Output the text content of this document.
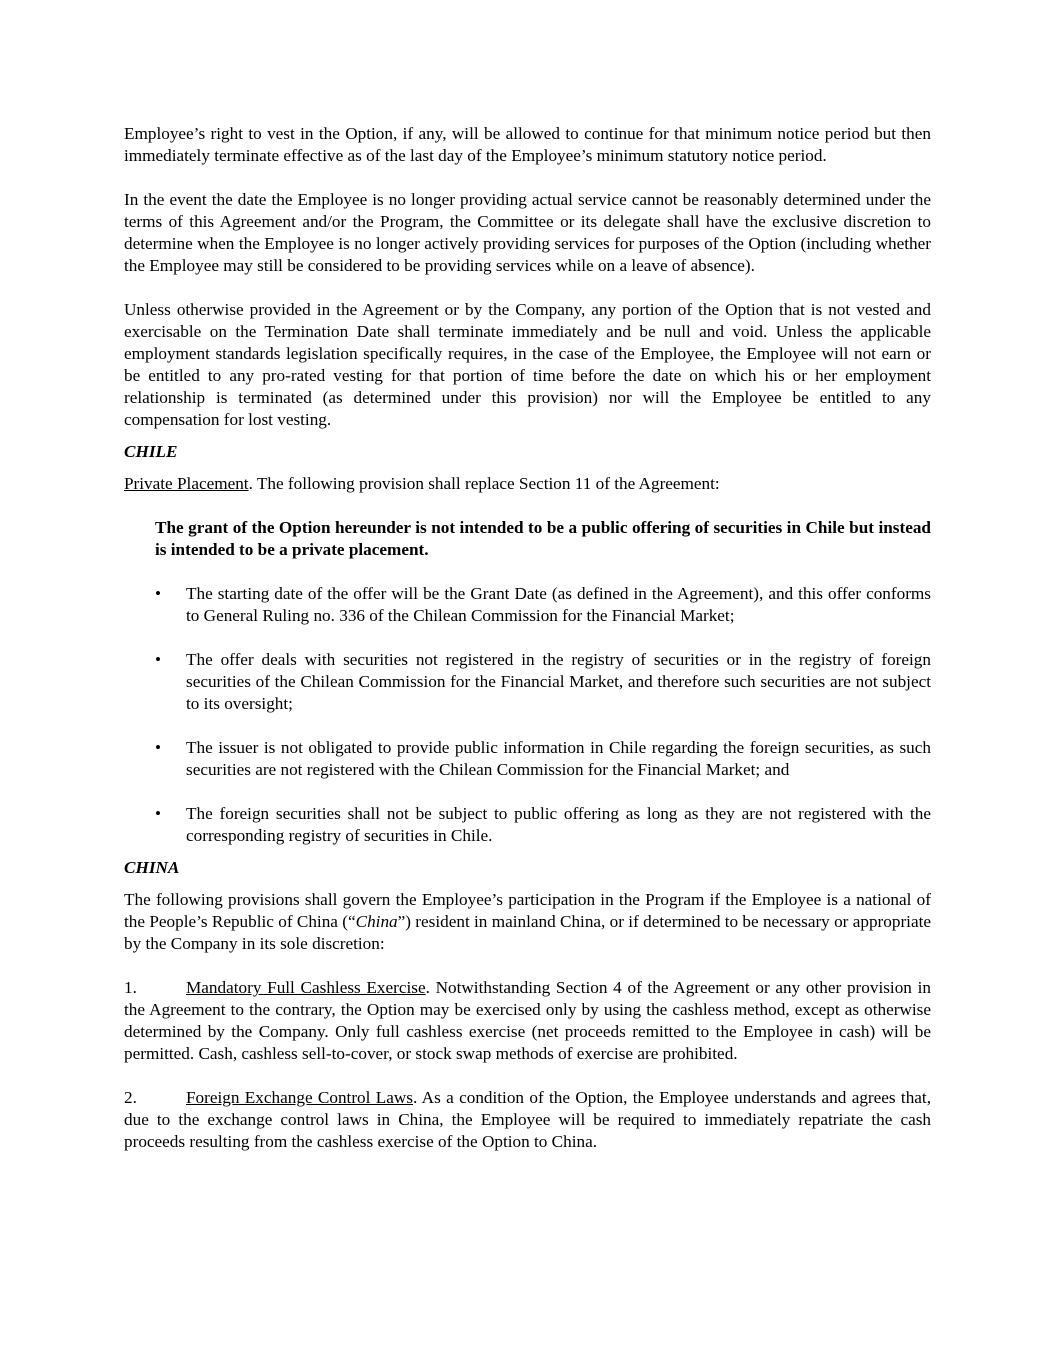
Employee’s right to vest in the Option, if any, will be allowed to continue for that minimum notice period but then immediately terminate effective as of the last day of the Employee’s minimum statutory notice period.

In the event the date the Employee is no longer providing actual service cannot be reasonably determined under the terms of this Agreement and/or the Program, the Committee or its delegate shall have the exclusive discretion to determine when the Employee is no longer actively providing services for purposes of the Option (including whether the Employee may still be considered to be providing services while on a leave of absence).

Unless otherwise provided in the Agreement or by the Company, any portion of the Option that is not vested and exercisable on the Termination Date shall terminate immediately and be null and void. Unless the applicable employment standards legislation specifically requires, in the case of the Employee, the Employee will not earn or be entitled to any pro-rated vesting for that portion of time before the date on which his or her employment relationship is terminated (as determined under this provision) nor will the Employee be entitled to any compensation for lost vesting.

CHILE

Private Placement. The following provision shall replace Section 11 of the Agreement:

The grant of the Option hereunder is not intended to be a public offering of securities in Chile but instead is intended to be a private placement.

• The starting date of the offer will be the Grant Date (as defined in the Agreement), and this offer conforms to General Ruling no. 336 of the Chilean Commission for the Financial Market;
• The offer deals with securities not registered in the registry of securities or in the registry of foreign securities of the Chilean Commission for the Financial Market, and therefore such securities are not subject to its oversight;
• The issuer is not obligated to provide public information in Chile regarding the foreign securities, as such securities are not registered with the Chilean Commission for the Financial Market; and
• The foreign securities shall not be subject to public offering as long as they are not registered with the corresponding registry of securities in Chile.
CHINA

The following provisions shall govern the Employee’s participation in the Program if the Employee is a national of the People’s Republic of China (“China”) resident in mainland China, or if determined to be necessary or appropriate by the Company in its sole discretion:

1.	Mandatory Full Cashless Exercise. Notwithstanding Section 4 of the Agreement or any other provision in the Agreement to the contrary, the Option may be exercised only by using the cashless method, except as otherwise determined by the Company. Only full cashless exercise (net proceeds remitted to the Employee in cash) will be permitted. Cash, cashless sell-to-cover, or stock swap methods of exercise are prohibited.

2.	Foreign Exchange Control Laws. As a condition of the Option, the Employee understands and agrees that, due to the exchange control laws in China, the Employee will be required to immediately repatriate the cash proceeds resulting from the cashless exercise of the Option to China.
